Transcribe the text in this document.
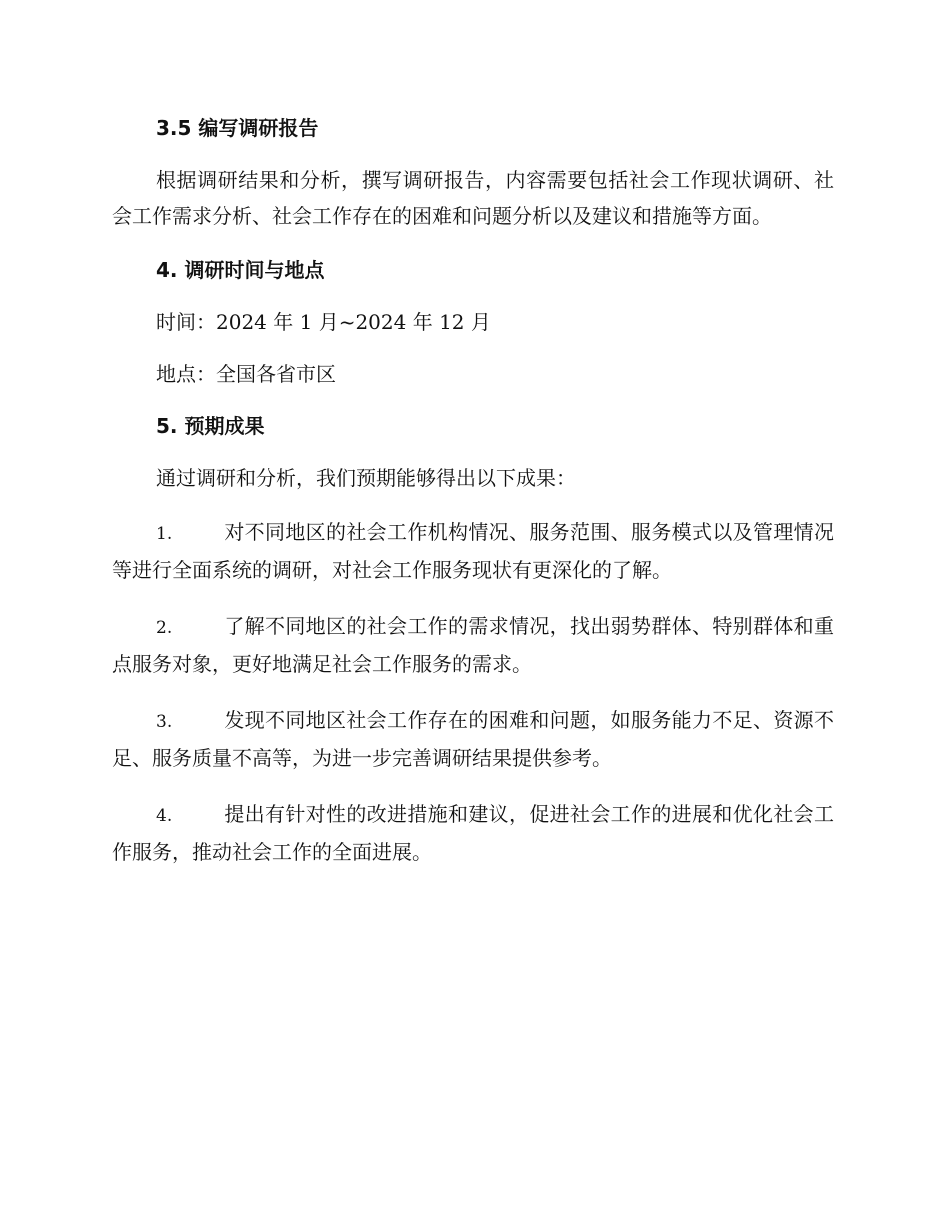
3.5 编写调研报告

根据调研结果和分析，撰写调研报告，内容需要包括社会工作现状调研、社会工作需求分析、社会工作存在的困难和问题分析以及建议和措施等方面。

4. 调研时间与地点

时间：2024 年 1 月~2024 年 12 月

地点：全国各省市区

5. 预期成果

通过调研和分析，我们预期能够得出以下成果：

1.	对不同地区的社会工作机构情况、服务范围、服务模式以及管理情况等进行全面系统的调研，对社会工作服务现状有更深化的了解。

2.	了解不同地区的社会工作的需求情况，找出弱势群体、特别群体和重点服务对象，更好地满足社会工作服务的需求。

3.	发现不同地区社会工作存在的困难和问题，如服务能力不足、资源不足、服务质量不高等，为进一步完善调研结果提供参考。

4.	提出有针对性的改进措施和建议，促进社会工作的进展和优化社会工作服务，推动社会工作的全面进展。
